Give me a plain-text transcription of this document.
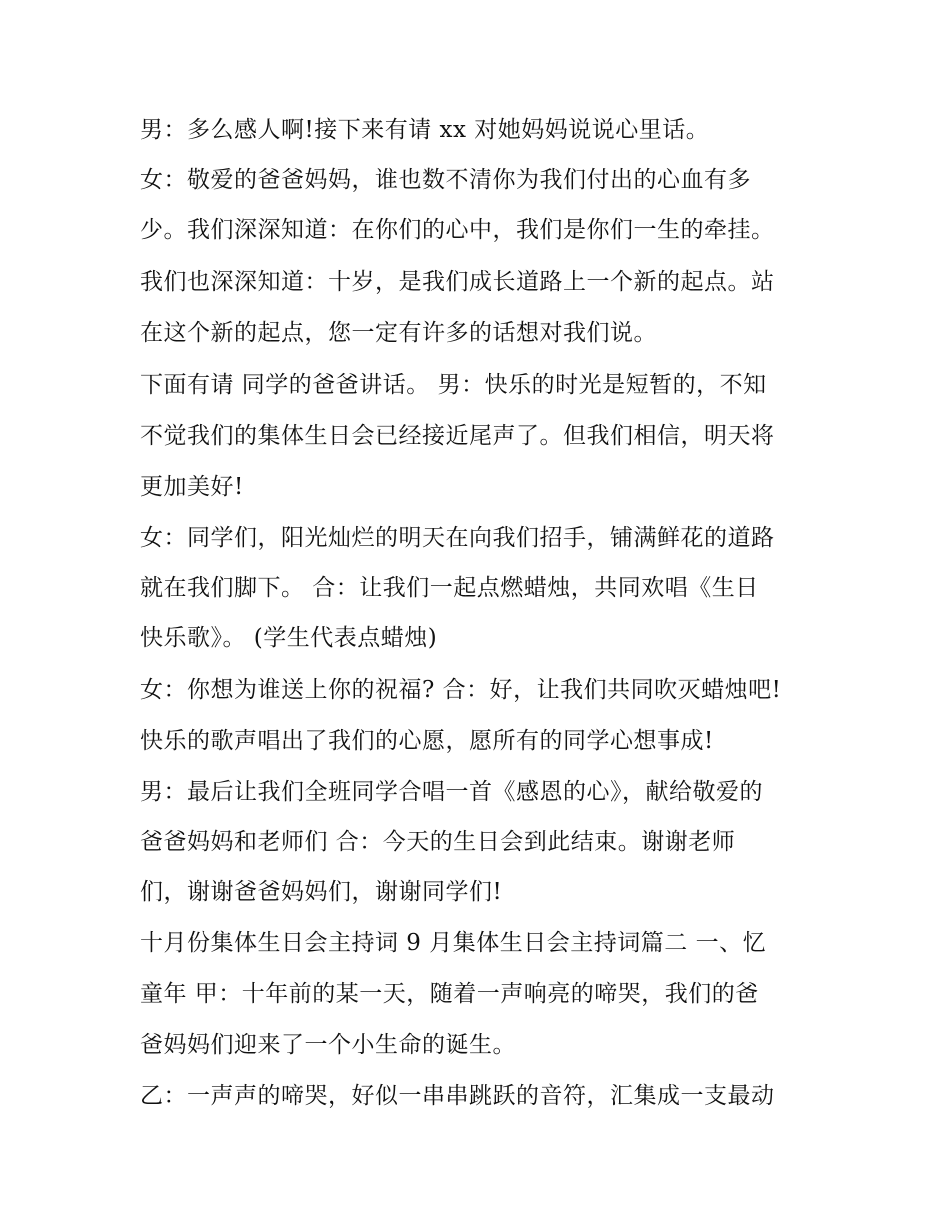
男：多么感人啊!接下来有请 xx 对她妈妈说说心里话。
女：敬爱的爸爸妈妈，谁也数不清你为我们付出的心血有多
少。我们深深知道：在你们的心中，我们是你们一生的牵挂。
我们也深深知道：十岁，是我们成长道路上一个新的起点。站
在这个新的起点，您一定有许多的话想对我们说。
下面有请 同学的爸爸讲话。 男：快乐的时光是短暂的，不知
不觉我们的集体生日会已经接近尾声了。但我们相信，明天将
更加美好!
女：同学们，阳光灿烂的明天在向我们招手，铺满鲜花的道路
就在我们脚下。 合：让我们一起点燃蜡烛，共同欢唱《生日
快乐歌》。 (学生代表点蜡烛)
女：你想为谁送上你的祝福? 合：好，让我们共同吹灭蜡烛吧!
快乐的歌声唱出了我们的心愿，愿所有的同学心想事成!
男：最后让我们全班同学合唱一首《感恩的心》，献给敬爱的
爸爸妈妈和老师们 合：今天的生日会到此结束。谢谢老师
们，谢谢爸爸妈妈们，谢谢同学们!
十月份集体生日会主持词 9 月集体生日会主持词篇二 一、忆
童年 甲：十年前的某一天，随着一声响亮的啼哭，我们的爸
爸妈妈们迎来了一个小生命的诞生。
乙：一声声的啼哭，好似一串串跳跃的音符，汇集成一支最动
